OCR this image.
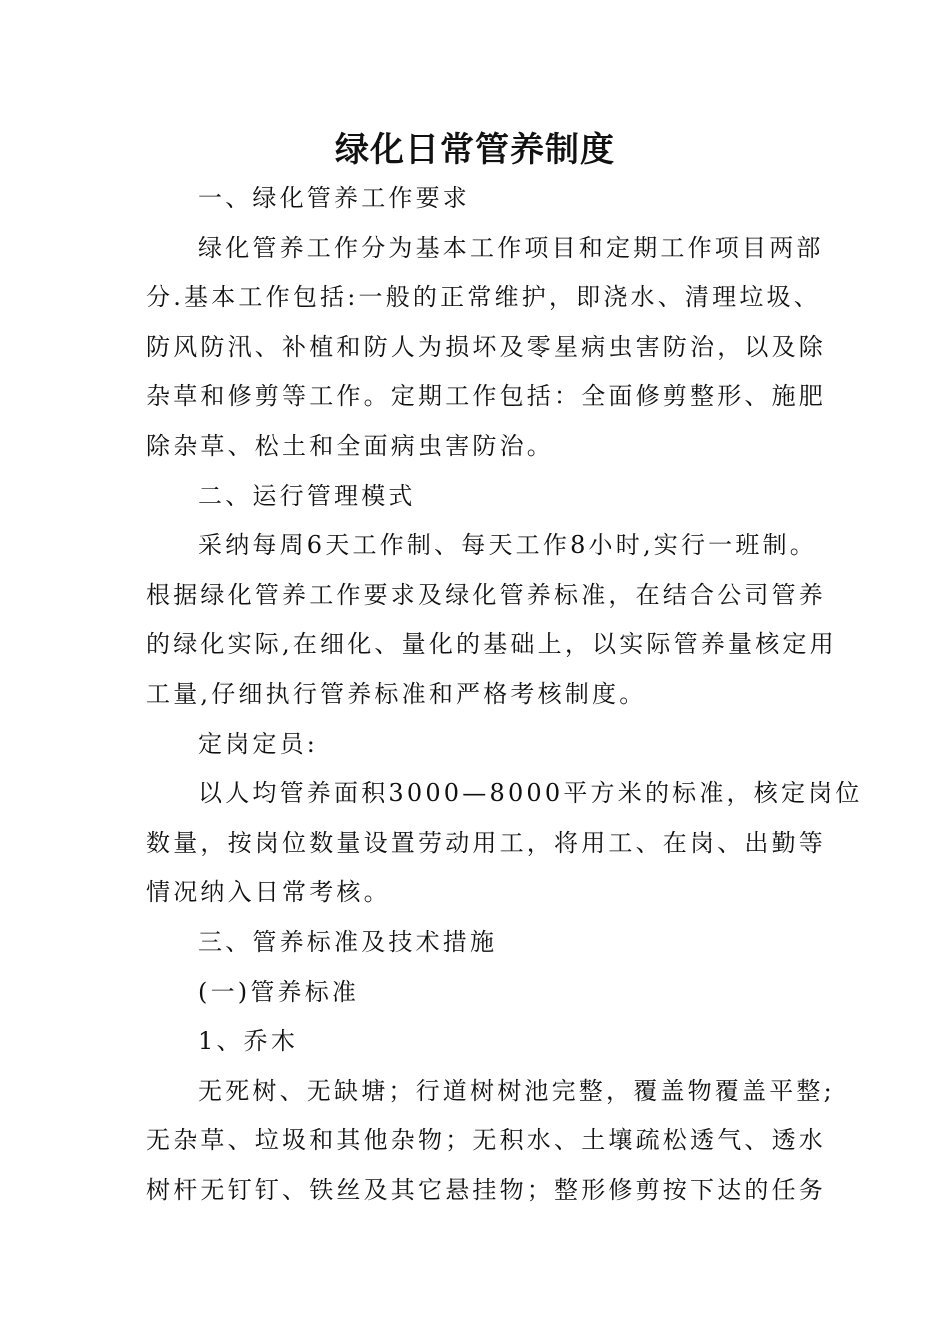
绿化日常管养制度
一、绿化管养工作要求
绿化管养工作分为基本工作项目和定期工作项目两部
分.基本工作包括:一般的正常维护，即浇水、清理垃圾、
防风防汛、补植和防人为损坏及零星病虫害防治，以及除
杂草和修剪等工作。定期工作包括：全面修剪整形、施肥
除杂草、松土和全面病虫害防治。
二、运行管理模式
采纳每周6天工作制、每天工作8小时,实行一班制。
根据绿化管养工作要求及绿化管养标准，在结合公司管养
的绿化实际,在细化、量化的基础上，以实际管养量核定用
工量,仔细执行管养标准和严格考核制度。
定岗定员:
以人均管养面积3000—8000平方米的标准，核定岗位
数量，按岗位数量设置劳动用工，将用工、在岗、出勤等
情况纳入日常考核。
三、管养标准及技术措施
(一)管养标准
1、乔木
无死树、无缺塘；行道树树池完整，覆盖物覆盖平整;
无杂草、垃圾和其他杂物；无积水、土壤疏松透气、透水
树杆无钉钉、铁丝及其它悬挂物；整形修剪按下达的任务
